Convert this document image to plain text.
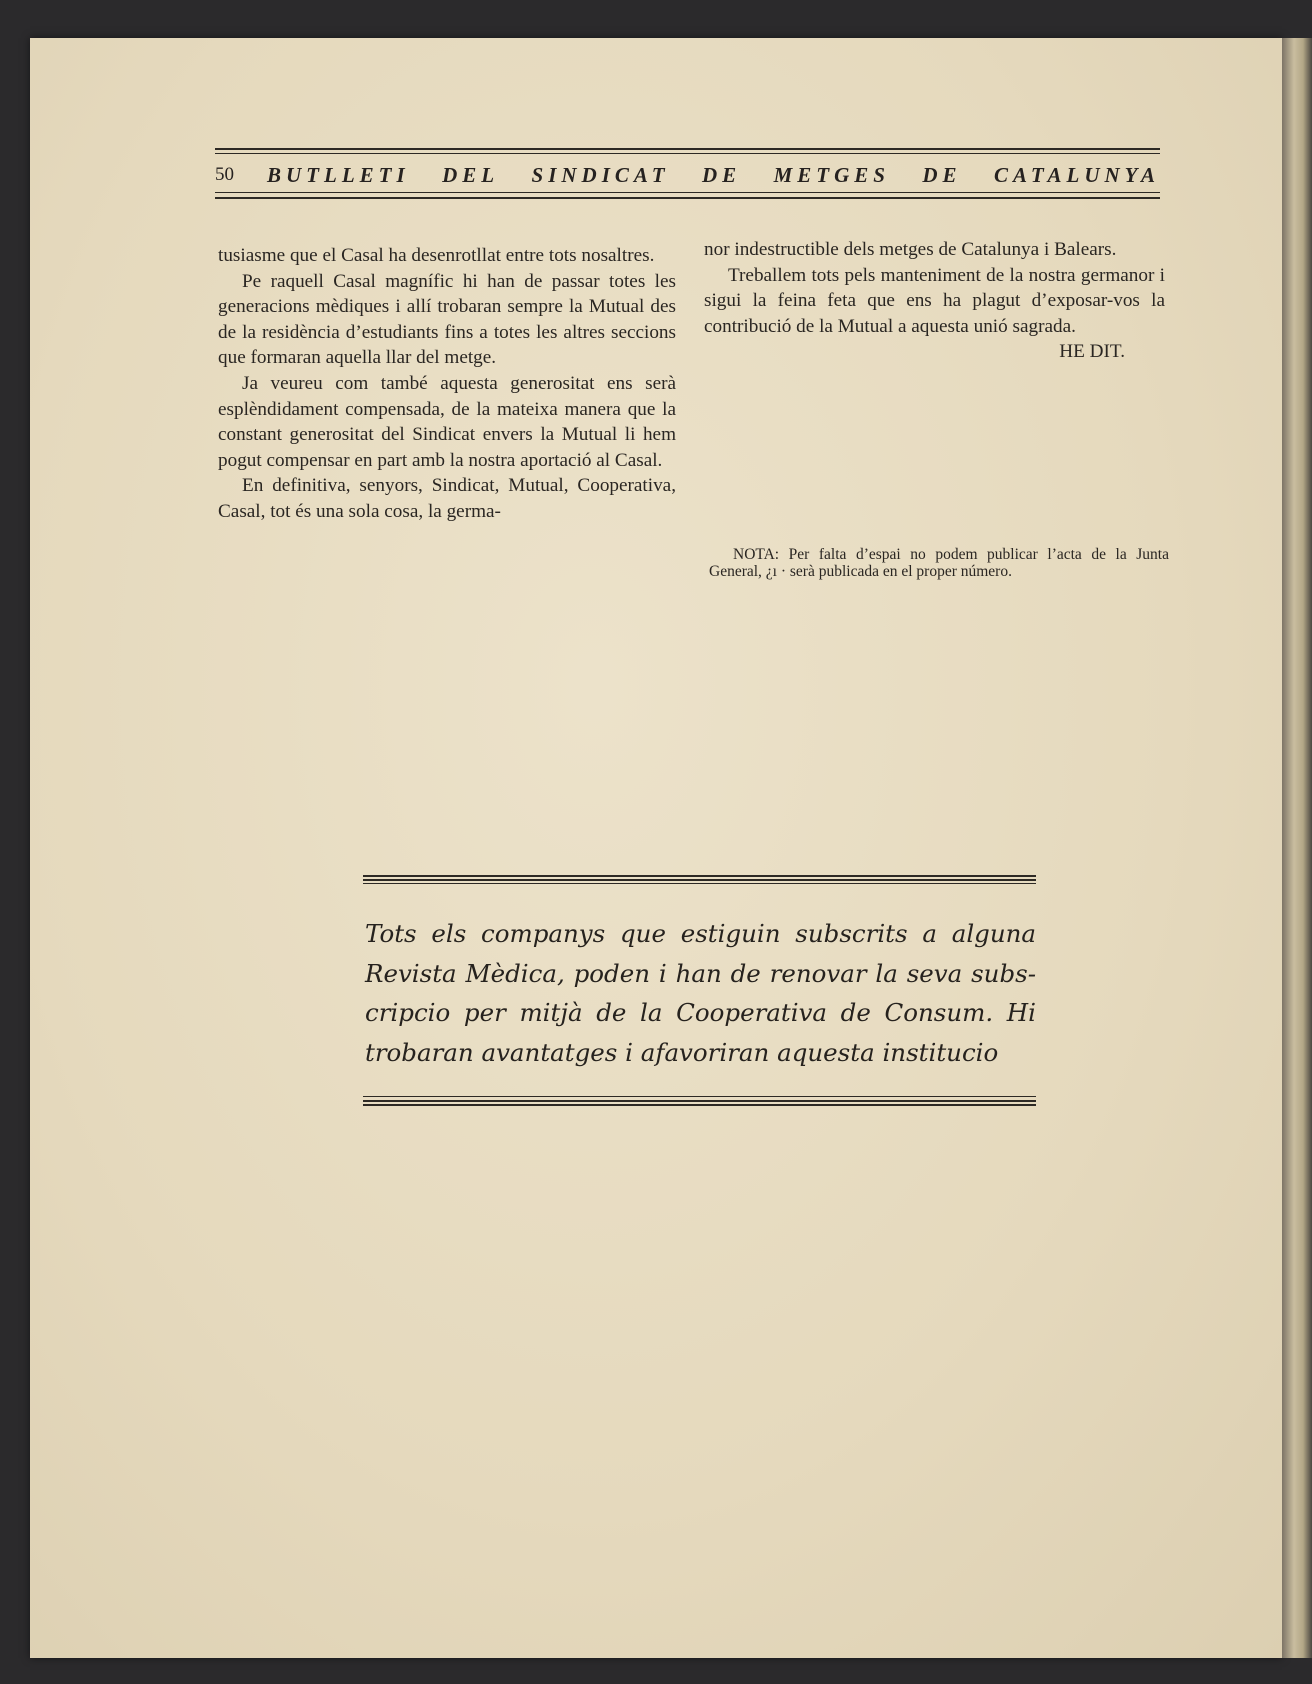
50	BUTLLETI DEL SINDICAT DE METGES DE CATALUNYA

tusiasme que el Casal ha desenrotllat entre tots nosaltres.

Pe raquell Casal magnífic hi han de passar totes les generacions mèdiques i allí trobaran sempre la Mutual des de la residència d’estudiants fins a totes les altres seccions que formaran aquella llar del metge.

Ja veureu com també aquesta generositat ens serà esplèndidament compensada, de la mateixa manera que la constant generositat del Sindicat envers la Mutual li hem pogut compensar en part amb la nostra aportació al Casal.

En definitiva, senyors, Sindicat, Mutual, Cooperativa, Casal, tot és una sola cosa, la germa-

nor indestructible dels metges de Catalunya i Balears.

Treballem tots pels manteniment de la nostra germanor i sigui la feina feta que ens ha plagut d’exposar-vos la contribució de la Mutual a aquesta unió sagrada.

HE DIT.

NOTA: Per falta d’espai no podem publicar l’acta de la Junta General, ¿ı · serà publicada en el proper número.
Tots els companys que estiguin subscrits a alguna Revista Mèdica, poden i han de renovar la seva subscripcio per mitjà de la Cooperativa de Consum. Hi trobaran avantatges i afavoriran aquesta institucio
